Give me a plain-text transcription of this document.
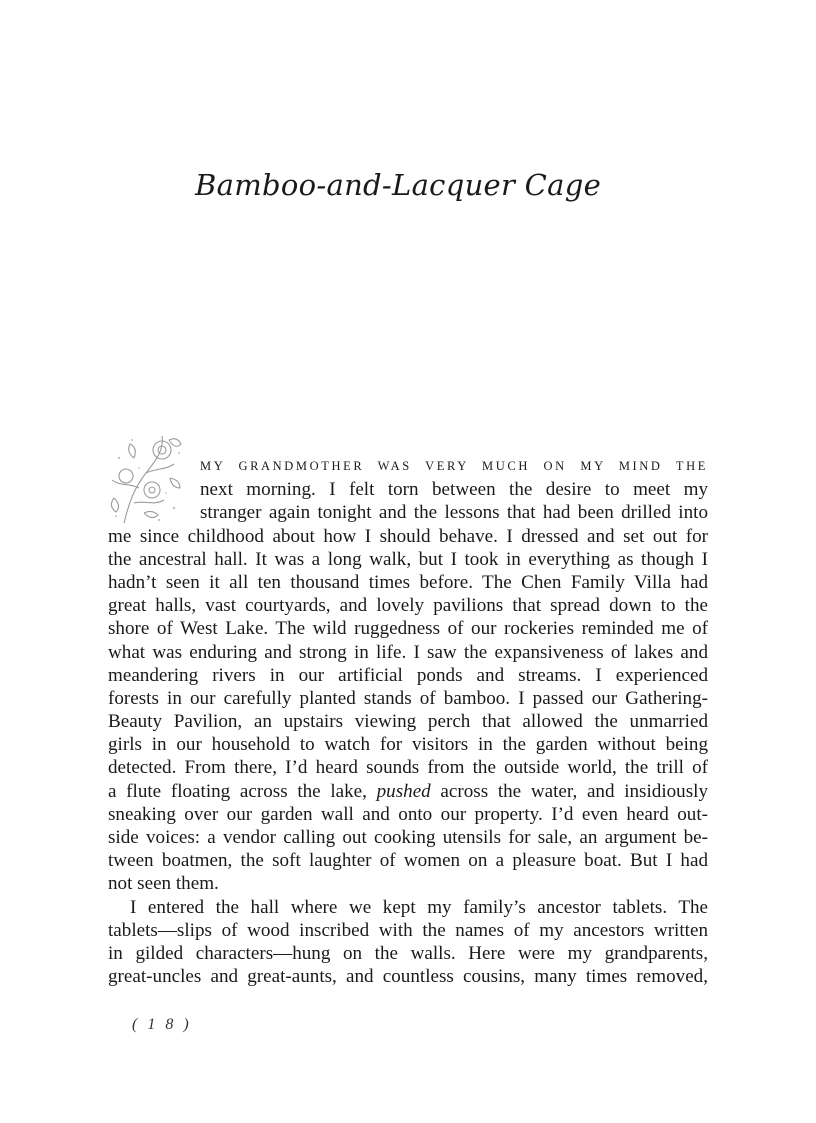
Bamboo-and-Lacquer Cage
MY GRANDMOTHER WAS VERY MUCH ON MY MIND THE
next morning. I felt torn between the desire to meet my
stranger again tonight and the lessons that had been drilled into
me since childhood about how I should behave. I dressed and set out for
the ancestral hall. It was a long walk, but I took in everything as though I
hadn’t seen it all ten thousand times before. The Chen Family Villa had
great halls, vast courtyards, and lovely pavilions that spread down to the
shore of West Lake. The wild ruggedness of our rockeries reminded me of
what was enduring and strong in life. I saw the expansiveness of lakes and
meandering rivers in our artificial ponds and streams. I experienced
forests in our carefully planted stands of bamboo. I passed our Gathering-
Beauty Pavilion, an upstairs viewing perch that allowed the unmarried
girls in our household to watch for visitors in the garden without being
detected. From there, I’d heard sounds from the outside world, the trill of
a flute floating across the lake, pushed across the water, and insidiously
sneaking over our garden wall and onto our property. I’d even heard out-
side voices: a vendor calling out cooking utensils for sale, an argument be-
tween boatmen, the soft laughter of women on a pleasure boat. But I had
not seen them.
I entered the hall where we kept my family’s ancestor tablets. The
tablets—slips of wood inscribed with the names of my ancestors written
in gilded characters—hung on the walls. Here were my grandparents,
great-uncles and great-aunts, and countless cousins, many times removed,
( 1 8 )
